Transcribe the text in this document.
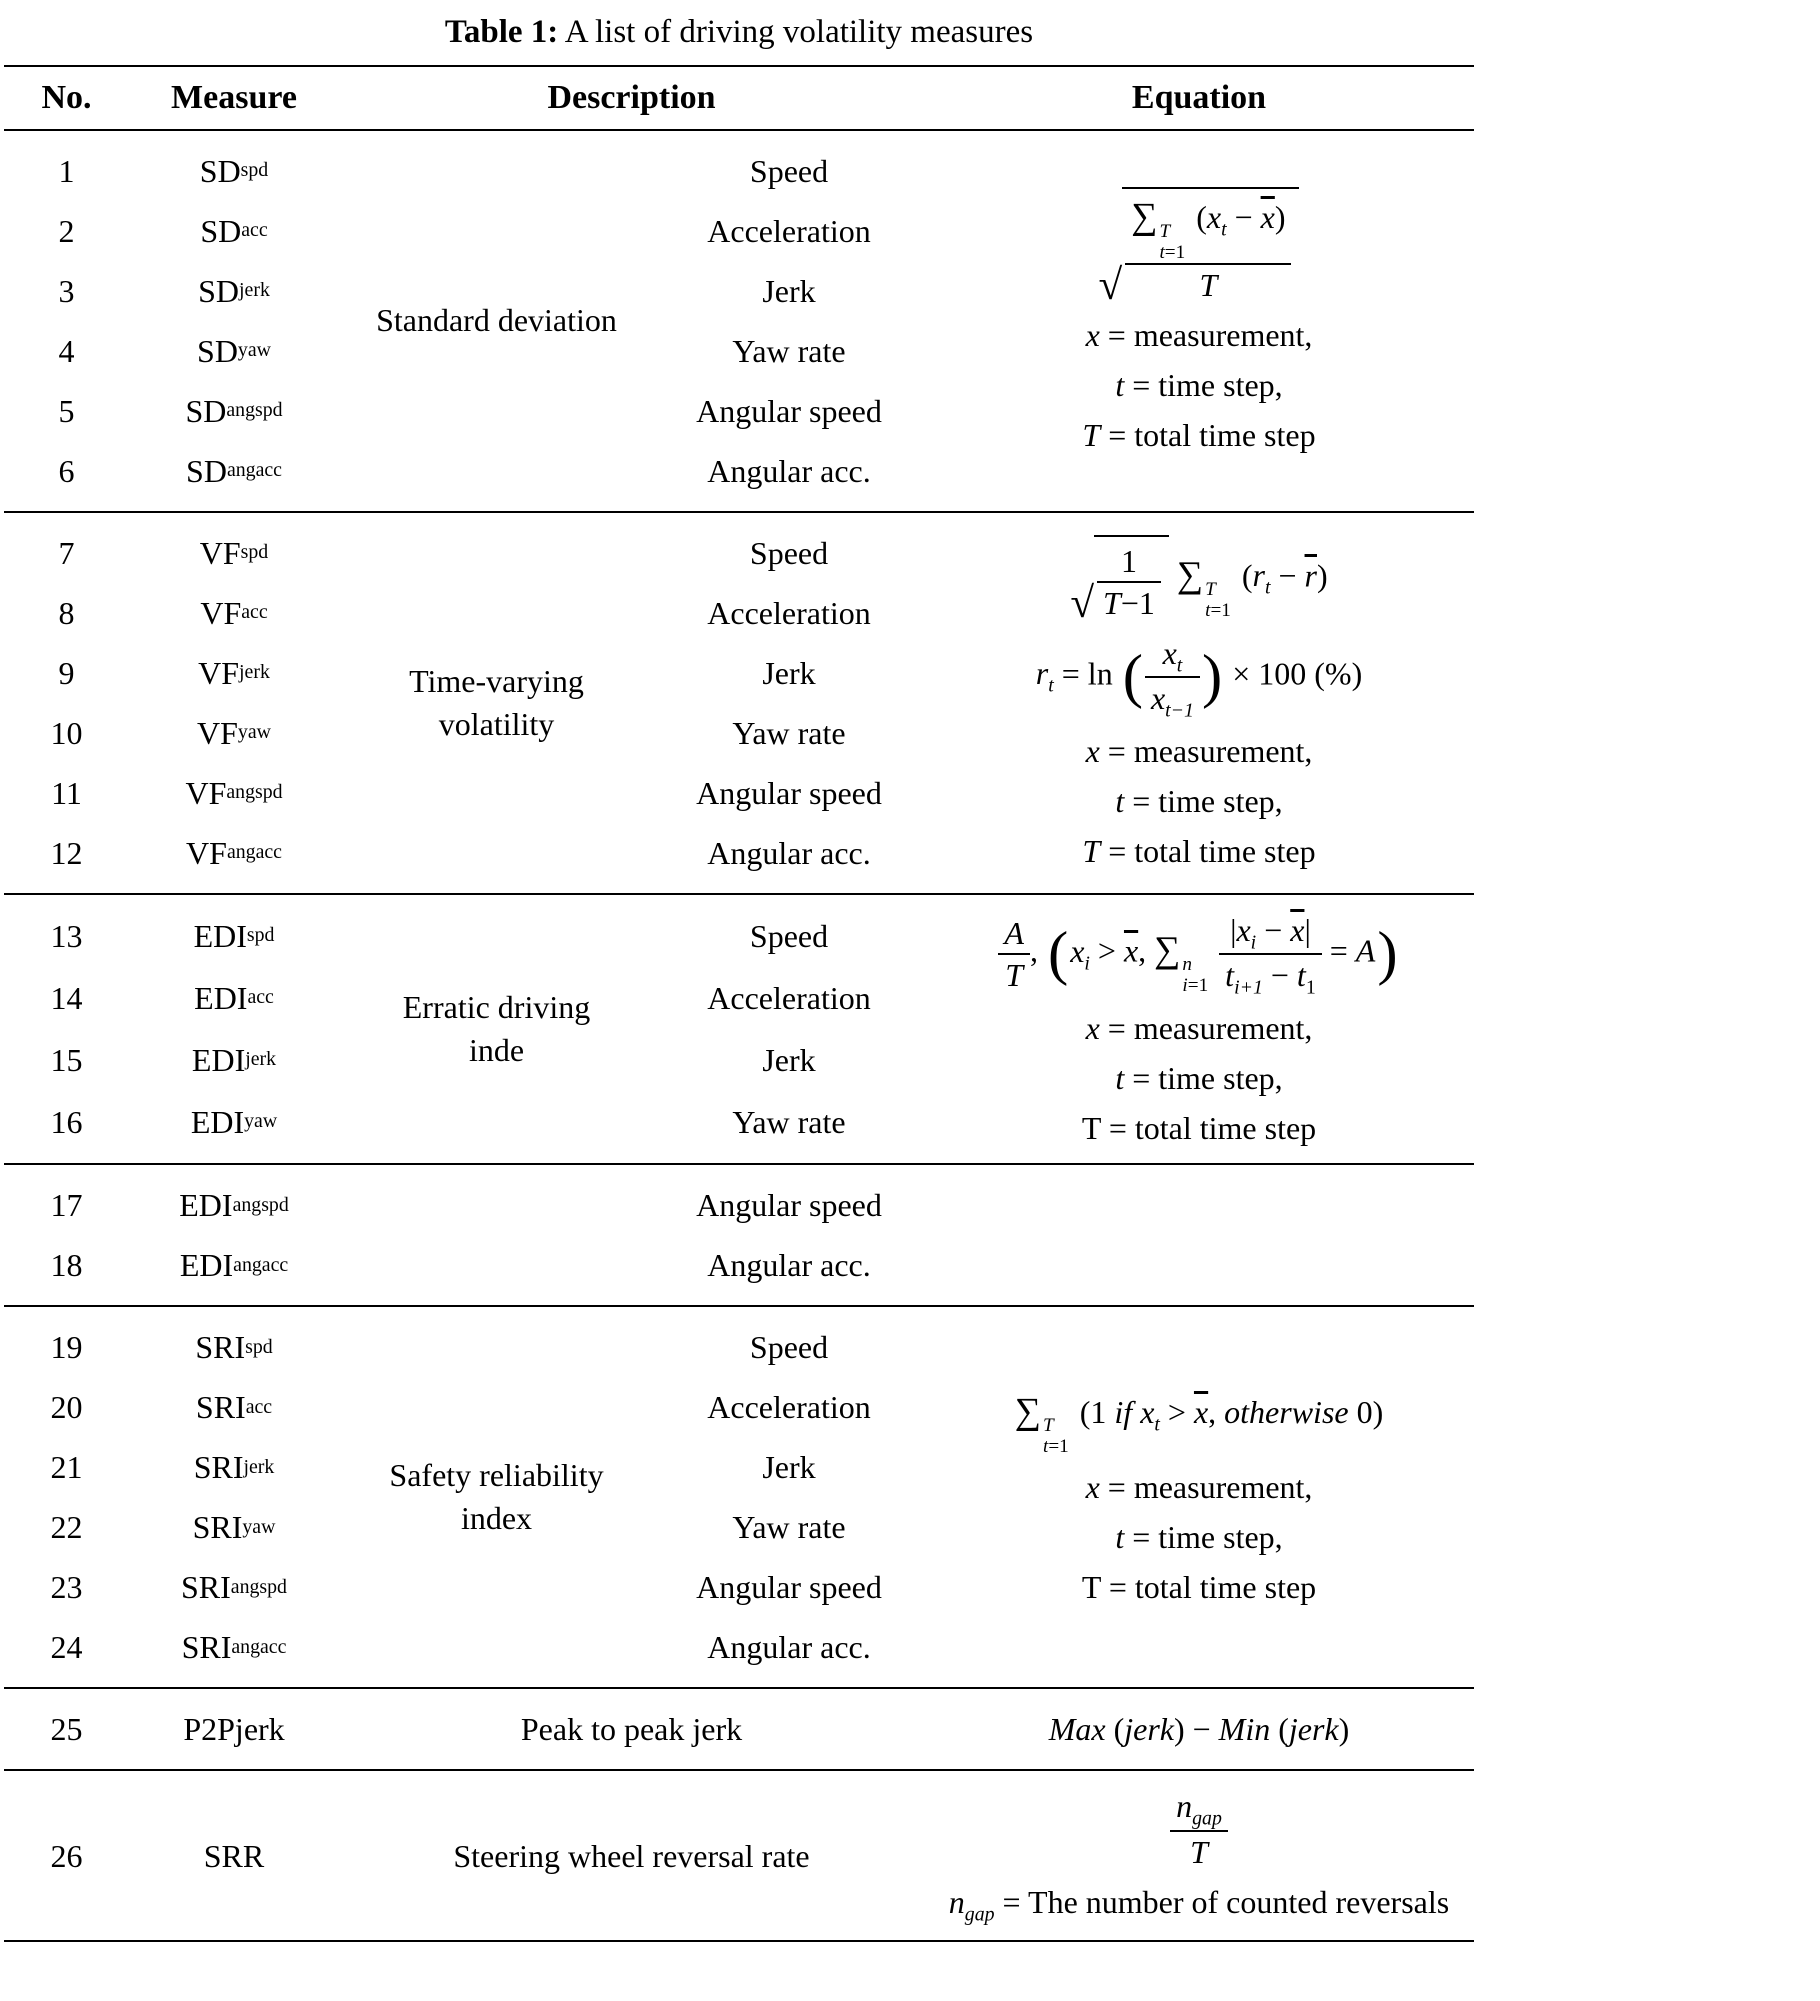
Table 1: A list of driving volatility measures
No.	Measure	Description	Equation
1	SD spd	Speed
2	SD acc	Acceleration
3	SD jerk	Jerk
4	SD yaw	Yaw rate
5	SD angspd	Angular speed
6	SD angacc	Angular acc.
Standard deviation
√ ∑ T
t=1
$(x_t - \overline{x})$
T
x = measurement,
t = time step,
T = total time step
7	VF spd	Speed
8	VF acc	Acceleration
9	VF jerk	Jerk
10	VF yaw	Yaw rate
11	VF angspd	Angular speed
12	VF angacc	Angular acc.
Time-varying
volatility
√ $\frac{1}{T-1}$ ∑ T
t=1
$(r_t - \overline{r})$
$r_t = \ln$ ( $\frac{x_t}{x_{t-1}}$ ) × 100 (%)
x = measurement,
t = time step,
T = total time step
13	EDI spd	Speed
14	EDI acc	Acceleration
15	EDI jerk	Jerk
16	EDI yaw	Yaw rate
Erratic driving
inde
$\frac{A}{T}$ , ($x_i > \overline{x}$, ∑ n
i=1
$\frac{|x_i - \overline{x}|}{t_{i+1} - t_1} = A$)
x = measurement,
t = time step,
T = total time step
17	EDI angspd	Angular speed
18	EDI angacc	Angular acc.
19	SRI spd	Speed
20	SRI acc	Acceleration
21	SRI jerk	Jerk
22	SRI yaw	Yaw rate
23	SRI angspd	Angular speed
24	SRI angacc	Angular acc.
Safety reliability
index
∑ T
t=1
(1 if $x_t > \overline{x}$, otherwise 0)
x = measurement,
t = time step,
T = total time step
25	P2Pjerk	Peak to peak jerk	Max (jerk) − Min (jerk)
26	SRR	Steering wheel reversal rate	$\frac{n_{gap}}{T}$
$n_{gap}$ = The number of counted reversals
